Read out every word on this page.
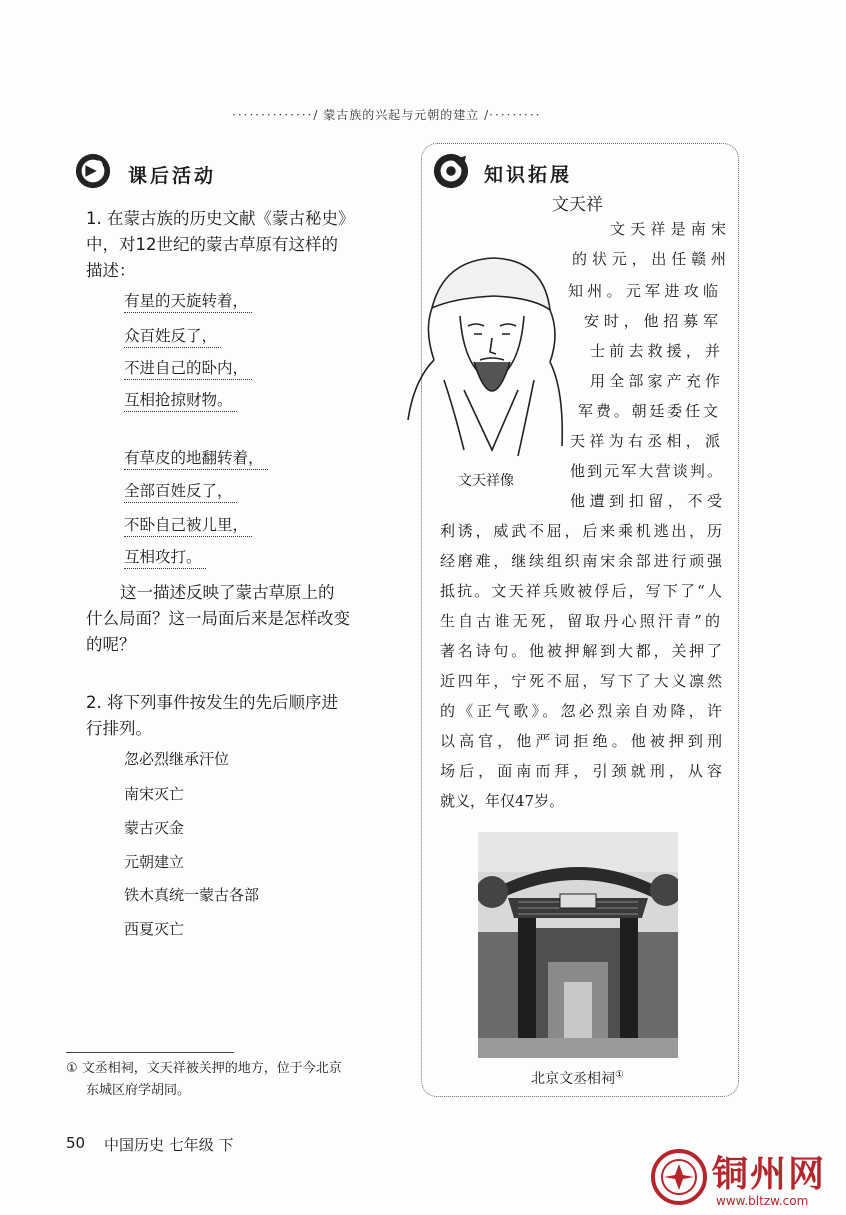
··············/ 蒙古族的兴起与元朝的建立 /·········
课后活动
1. 在蒙古族的历史文献《蒙古秘史》
中，对12世纪的蒙古草原有这样的
描述：
有星的天旋转着，
众百姓反了，
不进自己的卧内，
互相抢掠财物。
有草皮的地翻转着，
全部百姓反了，
不卧自己被儿里，
互相攻打。
这一描述反映了蒙古草原上的
什么局面？这一局面后来是怎样改变
的呢？
2. 将下列事件按发生的先后顺序进
行排列。
忽必烈继承汗位
南宋灭亡
蒙古灭金
元朝建立
铁木真统一蒙古各部
西夏灭亡
① 文丞相祠，文天祥被关押的地方，位于今北京
东城区府学胡同。
50 中国历史 七年级 下
知识拓展
文天祥
文天祥像
文天祥是南宋
的状元，出任赣州
知州。元军进攻临
安时，他招募军
士前去救援，并
用全部家产充作
军费。朝廷委任文
天祥为右丞相，派
他到元军大营谈判。
他遭到扣留，不受
利诱，威武不屈，后来乘机逃出，历
经磨难，继续组织南宋余部进行顽强
抵抗。文天祥兵败被俘后，写下了“人
生自古谁无死，留取丹心照汗青”的
著名诗句。他被押解到大都，关押了
近四年，宁死不屈，写下了大义凛然
的《正气歌》。忽必烈亲自劝降，许
以高官，他严词拒绝。他被押到刑
场后，面南而拜，引颈就刑，从容
就义，年仅47岁。
北京文丞相祠①
铜州网
www.bltzw.com
